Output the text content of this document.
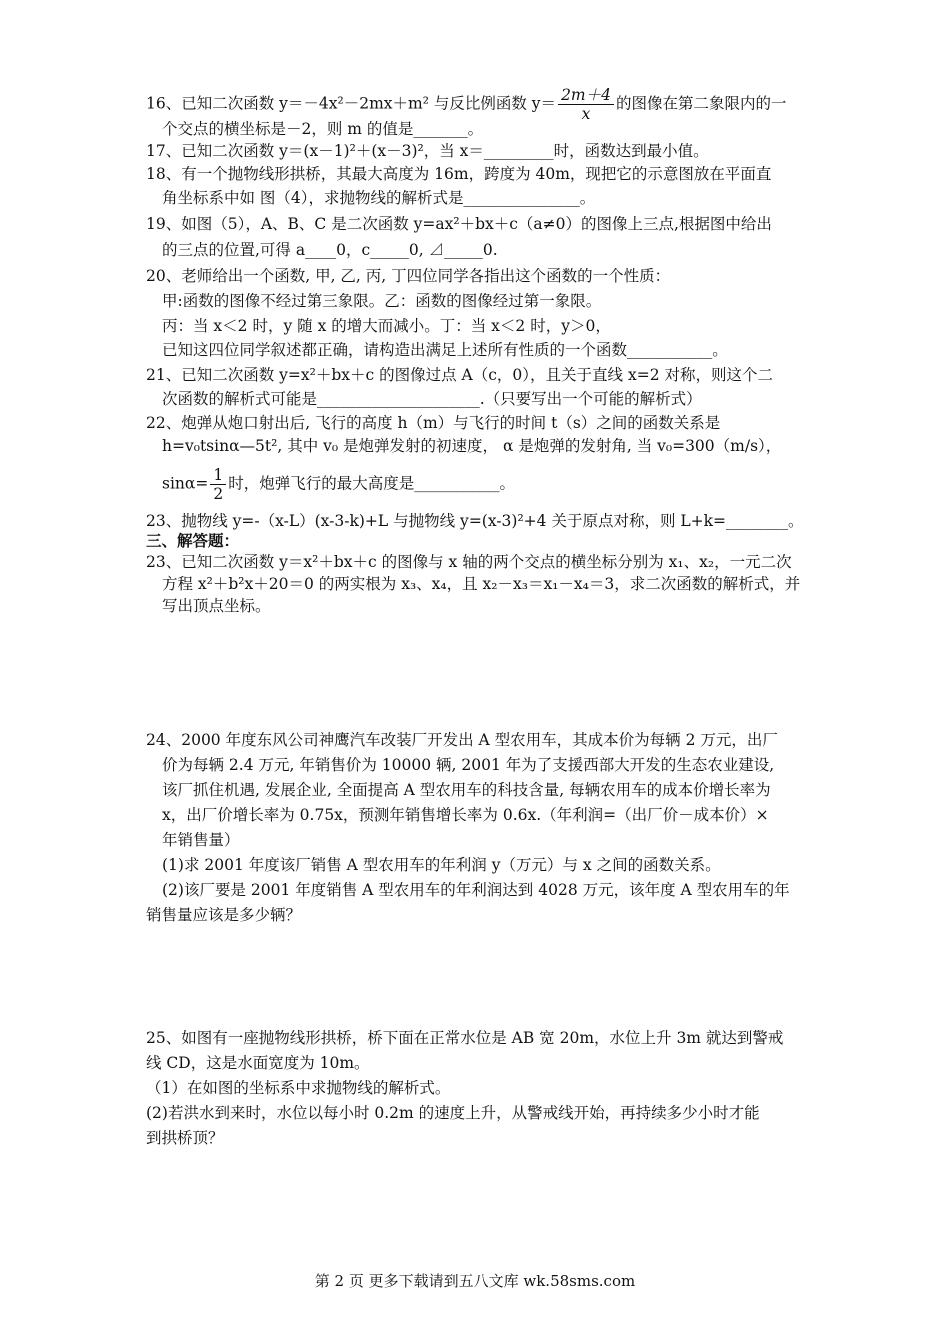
16、已知二次函数 y＝－4x²－2mx＋m² 与反比例函数 $y= \frac{2m+4}{x}$ 的图像在第二象限内的一
个交点的横坐标是－2，则 m 的值是_______。
17、已知二次函数 y＝(x－1)²＋(x－3)²，当 x＝_________时，函数达到最小值。
18、有一个抛物线形拱桥，其最大高度为 16m，跨度为 40m，现把它的示意图放在平面直
角坐标系中如 图（4），求抛物线的解析式是_______________。
19、如图（5），A、B、C 是二次函数 y=ax²＋bx＋c（a≠0）的图像上三点,根据图中给出
的三点的位置,可得 a____0，c_____0, ⊿_____0.
20、老师给出一个函数, 甲, 乙, 丙, 丁四位同学各指出这个函数的一个性质：
甲:函数的图像不经过第三象限。乙：函数的图像经过第一象限。
丙：当 x＜2 时，y 随 x 的增大而减小。丁：当 x＜2 时，y＞0，
已知这四位同学叙述都正确，请构造出满足上述所有性质的一个函数___________。
21、已知二次函数 y=x²＋bx＋c 的图像过点 A（c，0），且关于直线 x=2 对称，则这个二
次函数的解析式可能是_____________________.（只要写出一个可能的解析式）
22、炮弹从炮口射出后, 飞行的高度 h（m）与飞行的时间 t（s）之间的函数关系是
h=v₀tsinα—5t², 其中 v₀ 是炮弹发射的初速度， α 是炮弹的发射角, 当 v₀=300（m/s），
$\sin\alpha= \frac{1}{2}$ 时，炮弹飞行的最大高度是___________。
23、抛物线 y=-（x-L）(x-3-k)+L 与抛物线 y=(x-3)²+4 关于原点对称，则 L+k=________。
三、解答题：
23、已知二次函数 y＝x²＋bx＋c 的图像与 x 轴的两个交点的横坐标分别为 x₁、x₂，一元二次
方程 x²＋b²x＋20＝0 的两实根为 x₃、x₄，且 x₂－x₃＝x₁－x₄＝3，求二次函数的解析式，并
写出顶点坐标。
24、2000 年度东风公司神鹰汽车改装厂开发出 A 型农用车，其成本价为每辆 2 万元，出厂
价为每辆 2.4 万元, 年销售价为 10000 辆, 2001 年为了支援西部大开发的生态农业建设,
该厂抓住机遇, 发展企业, 全面提高 A 型农用车的科技含量, 每辆农用车的成本价增长率为
x，出厂价增长率为 0.75x，预测年销售增长率为 0.6x.（年利润=（出厂价－成本价）×
年销售量）
(1)求 2001 年度该厂销售 A 型农用车的年利润 y（万元）与 x 之间的函数关系。
(2)该厂要是 2001 年度销售 A 型农用车的年利润达到 4028 万元，该年度 A 型农用车的年
销售量应该是多少辆？
25、如图有一座抛物线形拱桥，桥下面在正常水位是 AB 宽 20m，水位上升 3m 就达到警戒
线 CD，这是水面宽度为 10m。
（1）在如图的坐标系中求抛物线的解析式。
(2)若洪水到来时，水位以每小时 0.2m 的速度上升，从警戒线开始，再持续多少小时才能
到拱桥顶？
第 2 页 更多下载请到五八文库 wk.58sms.com
